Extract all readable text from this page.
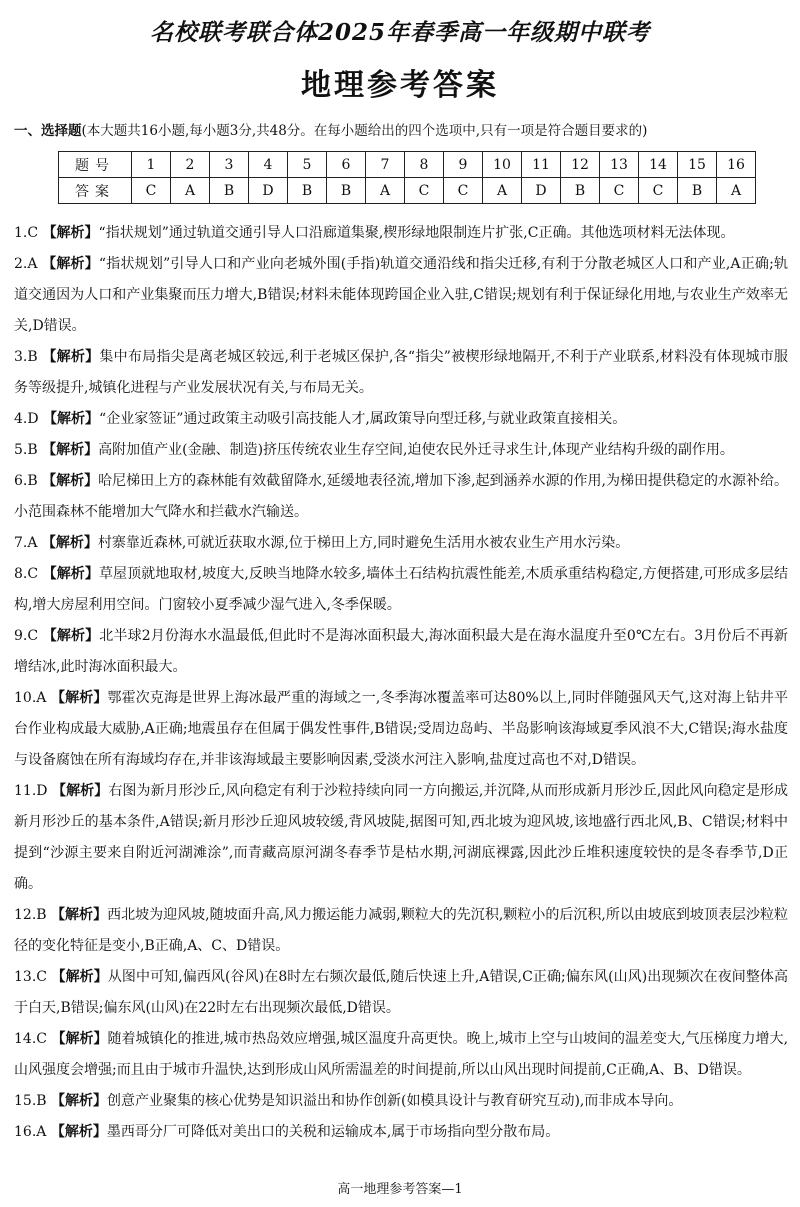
名校联考联合体2025年春季高一年级期中联考
地理参考答案
一、选择题(本大题共16小题,每小题3分,共48分。在每小题给出的四个选项中,只有一项是符合题目要求的)
题号	1	2	3	4	5	6	7	8	9	10	11	12	13	14	15	16
答案	C	A	B	D	B	B	A	C	C	A	D	B	C	C	B	A

1.C 【解析】“指状规划”通过轨道交通引导人口沿廊道集聚,楔形绿地限制连片扩张,C正确。其他选项材料无法体现。

2.A 【解析】“指状规划”引导人口和产业向老城外围(手指)轨道交通沿线和指尖迁移,有利于分散老城区人口和产业,A正确;轨道交通因为人口和产业集聚而压力增大,B错误;材料未能体现跨国企业入驻,C错误;规划有利于保证绿化用地,与农业生产效率无关,D错误。

3.B 【解析】集中布局指尖是离老城区较远,利于老城区保护,各“指尖”被楔形绿地隔开,不利于产业联系,材料没有体现城市服务等级提升,城镇化进程与产业发展状况有关,与布局无关。

4.D 【解析】“企业家签证”通过政策主动吸引高技能人才,属政策导向型迁移,与就业政策直接相关。

5.B 【解析】高附加值产业(金融、制造)挤压传统农业生存空间,迫使农民外迁寻求生计,体现产业结构升级的副作用。

6.B 【解析】哈尼梯田上方的森林能有效截留降水,延缓地表径流,增加下渗,起到涵养水源的作用,为梯田提供稳定的水源补给。小范围森林不能增加大气降水和拦截水汽输送。

7.A 【解析】村寨靠近森林,可就近获取水源,位于梯田上方,同时避免生活用水被农业生产用水污染。

8.C 【解析】草屋顶就地取材,坡度大,反映当地降水较多,墙体土石结构抗震性能差,木质承重结构稳定,方便搭建,可形成多层结构,增大房屋利用空间。门窗较小夏季减少湿气进入,冬季保暖。

9.C 【解析】北半球2月份海水水温最低,但此时不是海冰面积最大,海冰面积最大是在海水温度升至0℃左右。3月份后不再新增结冰,此时海冰面积最大。

10.A 【解析】鄂霍次克海是世界上海冰最严重的海域之一,冬季海冰覆盖率可达80%以上,同时伴随强风天气,这对海上钻井平台作业构成最大威胁,A正确;地震虽存在但属于偶发性事件,B错误;受周边岛屿、半岛影响该海域夏季风浪不大,C错误;海水盐度与设备腐蚀在所有海域均存在,并非该海域最主要影响因素,受淡水河注入影响,盐度过高也不对,D错误。

11.D 【解析】右图为新月形沙丘,风向稳定有利于沙粒持续向同一方向搬运,并沉降,从而形成新月形沙丘,因此风向稳定是形成新月形沙丘的基本条件,A错误;新月形沙丘迎风坡较缓,背风坡陡,据图可知,西北坡为迎风坡,该地盛行西北风,B、C错误;材料中提到“沙源主要来自附近河湖滩涂”,而青藏高原河湖冬春季节是枯水期,河湖底裸露,因此沙丘堆积速度较快的是冬春季节,D正确。

12.B 【解析】西北坡为迎风坡,随坡面升高,风力搬运能力减弱,颗粒大的先沉积,颗粒小的后沉积,所以由坡底到坡顶表层沙粒粒径的变化特征是变小,B正确,A、C、D错误。

13.C 【解析】从图中可知,偏西风(谷风)在8时左右频次最低,随后快速上升,A错误,C正确;偏东风(山风)出现频次在夜间整体高于白天,B错误;偏东风(山风)在22时左右出现频次最低,D错误。

14.C 【解析】随着城镇化的推进,城市热岛效应增强,城区温度升高更快。晚上,城市上空与山坡间的温差变大,气压梯度力增大,山风强度会增强;而且由于城市升温快,达到形成山风所需温差的时间提前,所以山风出现时间提前,C正确,A、B、D错误。

15.B 【解析】创意产业聚集的核心优势是知识溢出和协作创新(如模具设计与教育研究互动),而非成本导向。

16.A 【解析】墨西哥分厂可降低对美出口的关税和运输成本,属于市场指向型分散布局。

高一地理参考答案—1
